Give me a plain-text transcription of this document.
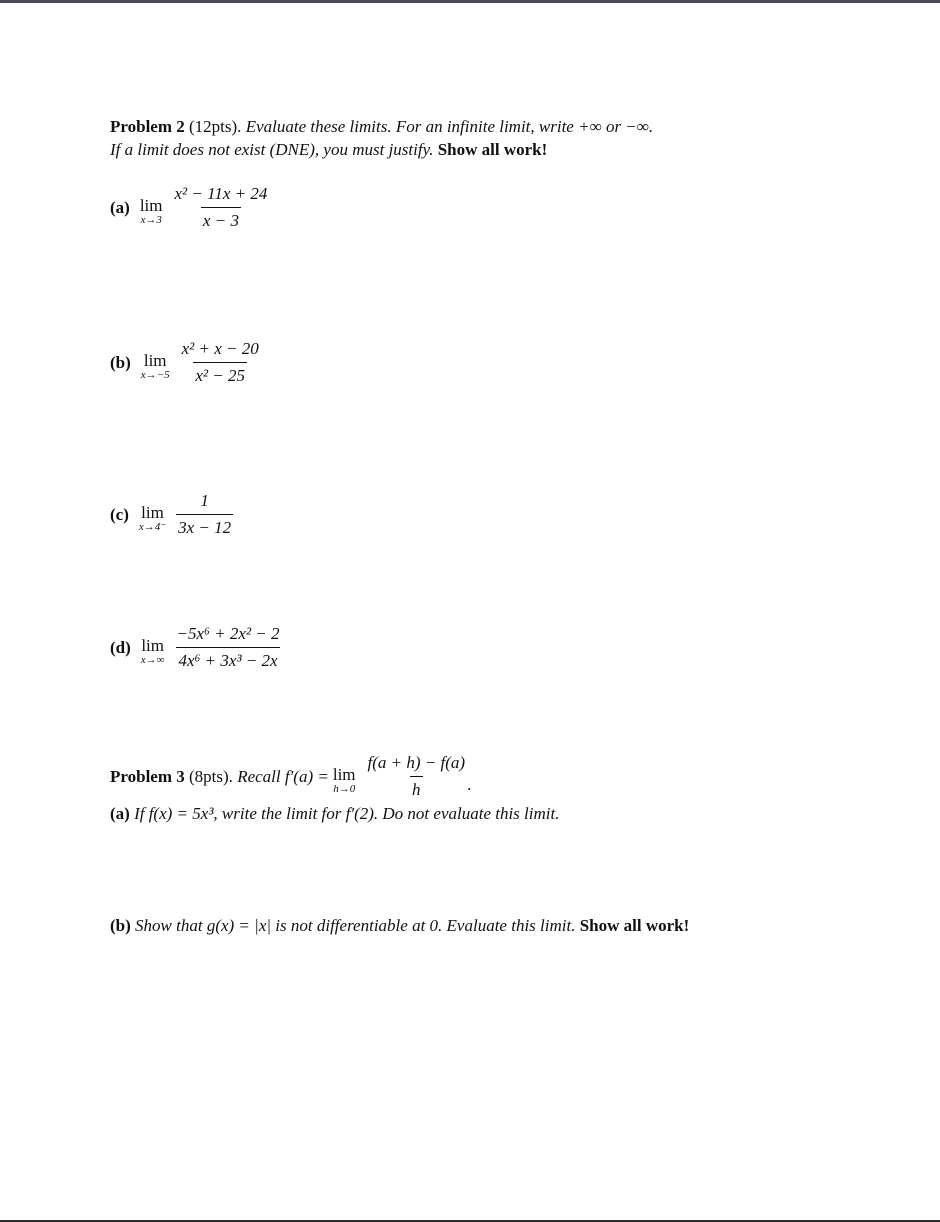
Problem 2 (12pts). Evaluate these limits. For an infinite limit, write +∞ or −∞.
If a limit does not exist (DNE), you must justify. Show all work!
(a) lim
$x\to 3 \frac{\text{x² − 11x + 24}}{x - 3}$
(b) lim
$x\to-5 \frac{\text{x² + x − 20}}{\text{x² − 25}}$
(c) lim
$x\to 4^- \frac{1}{3x - 12}$
(d) lim
$x\to\infty \frac{\text{−5x⁶ + 2x² − 2}}{\text{4x⁶ + 3x³ − 2x}}$
Problem 3
(8pts).
Recall f′(a) = lim
$h\to 0 \frac{f(a + h) - f(a)}{h}$ .
(a) If f(x) = 5x³, write the limit for f′(2). Do not evaluate this limit.
(b) Show that g(x) = |x| is not differentiable at 0. Evaluate this limit. Show all work!
